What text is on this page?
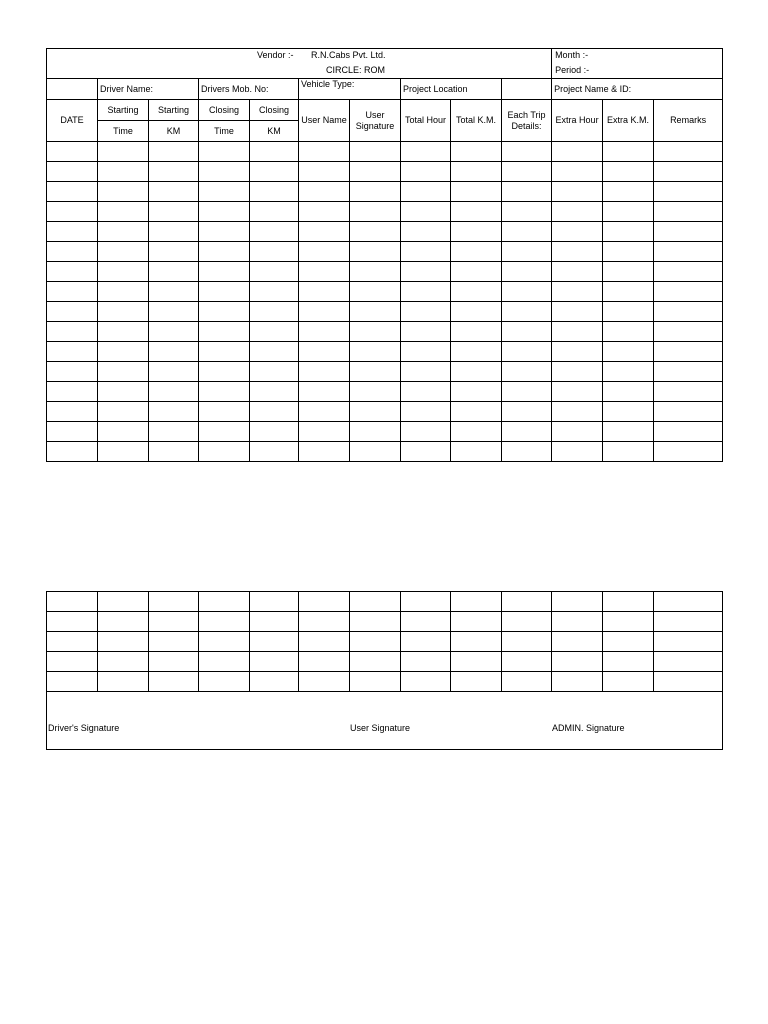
Vendor :- R.N.Cabs Pvt. Ltd.
CIRCLE: ROM										Month :-
Period :-		

	Driver Name:		Drivers Mob. No:		Vehicle Type:		Project Location			Project Name & ID:		
DATE	Starting	Starting	Closing	Closing	User Name	User Signature	Total Hour	Total K.M.	Each Trip Details:	Extra Hour	Extra K.M.	Remarks
	Time	KM	Time	KM								

Driver's Signature User Signature ADMIN. Signature												
